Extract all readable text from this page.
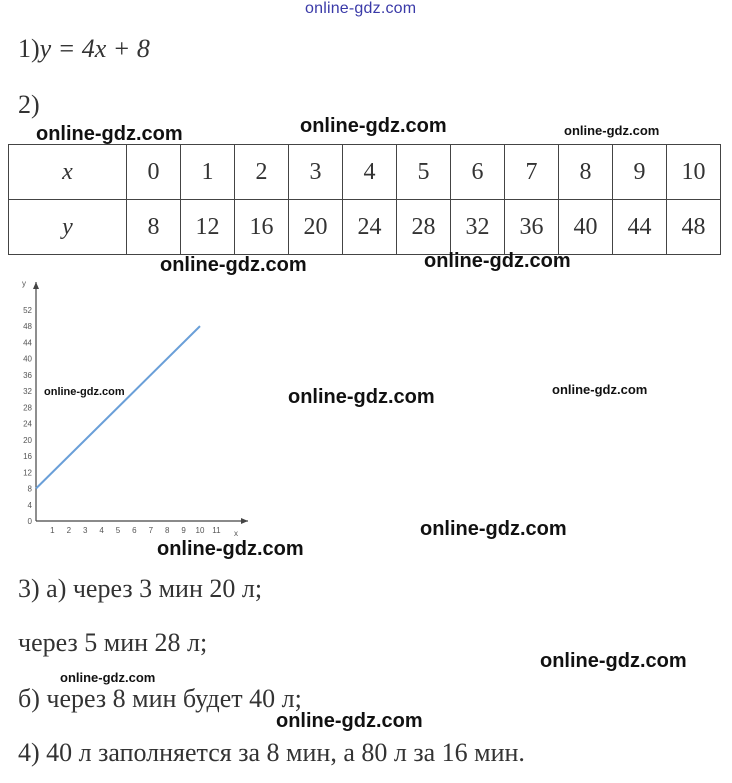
online-gdz.com
1)y = 4x + 8
2)
online-gdz.com	online-gdz.com	online-gdz.com
x	0	1	2	3	4	5	6	7	8	9	10
y	8	12	16	20	24	28	32	36	40	44	48
online-gdz.com	online-gdz.com
y
x
0
4
8
12
16
20
24
28
32
36
40
44
48
52
1 2 3 4 5 6 7 8 9 10 11
online-gdz.com	online-gdz.com	online-gdz.com
online-gdz.com
online-gdz.com
3) а) через 3 мин 20 л;
через 5 мин 28 л;
online-gdz.com
online-gdz.com
б) через 8 мин будет 40 л;
online-gdz.com
4) 40 л заполняется за 8 мин, а 80 л за 16 мин.
